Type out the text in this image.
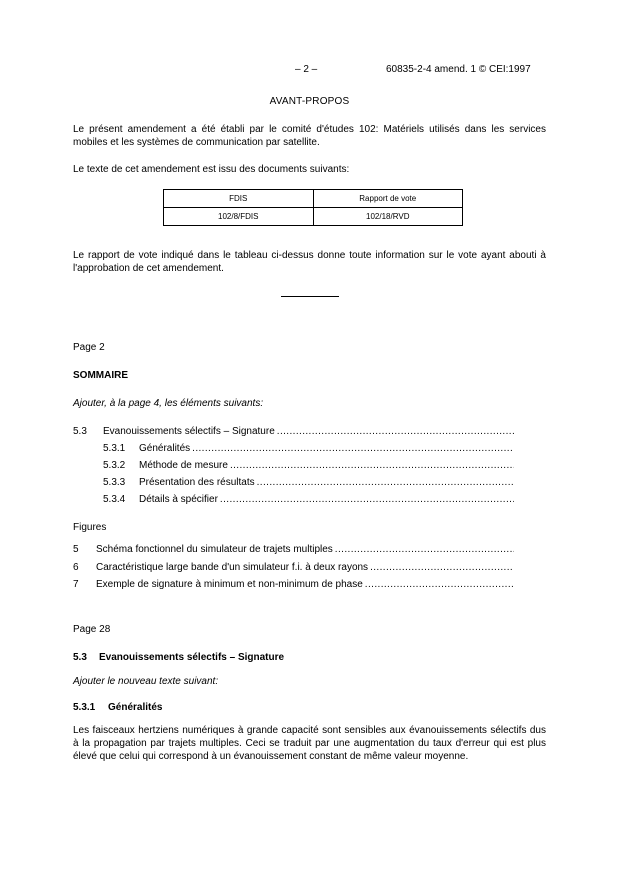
– 2 –	60835-2-4 amend. 1 © CEI:1997
AVANT-PROPOS
Le présent amendement a été établi par le comité d'études 102: Matériels utilisés dans les services mobiles et les systèmes de communication par satellite.
Le texte de cet amendement est issu des documents suivants:
FDIS	Rapport de vote
102/8/FDIS	102/18/RVD
Le rapport de vote indiqué dans le tableau ci-dessus donne toute information sur le vote ayant abouti à l'approbation de cet amendement.
Page 2
SOMMAIRE
Ajouter, à la page 4, les éléments suivants:
5.3	Evanouissements sélectifs – Signature
.....
5.3.1	Généralités
.....
5.3.2	Méthode de mesure
.....
5.3.3	Présentation des résultats
.....
5.3.4	Détails à spécifier
.....
Figures
5	Schéma fonctionnel du simulateur de trajets multiples
.....
6	Caractéristique large bande d'un simulateur f.i. à deux rayons
.....
7	Exemple de signature à minimum et non-minimum de phase
.....
Page 28
5.3 Evanouissements sélectifs – Signature
Ajouter le nouveau texte suivant:
5.3.1 Généralités
Les faisceaux hertziens numériques à grande capacité sont sensibles aux évanouissements sélectifs dus à la propagation par trajets multiples. Ceci se traduit par une augmentation du taux d'erreur qui est plus élevé que celui qui correspond à un évanouissement constant de même valeur moyenne.
